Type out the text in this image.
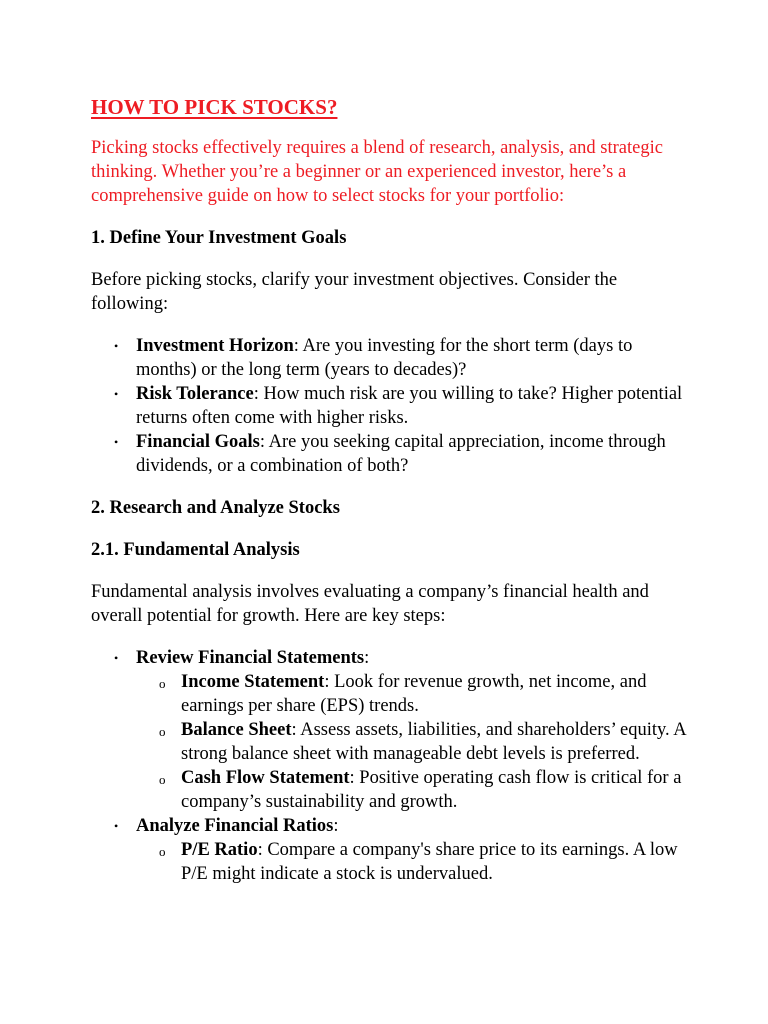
HOW TO PICK STOCKS?

Picking stocks effectively requires a blend of research, analysis, and strategic thinking. Whether you’re a beginner or an experienced investor, here’s a comprehensive guide on how to select stocks for your portfolio:

1. Define Your Investment Goals

Before picking stocks, clarify your investment objectives. Consider the following:

• Investment Horizon: Are you investing for the short term (days to months) or the long term (years to decades)?
• Risk Tolerance: How much risk are you willing to take? Higher potential returns often come with higher risks.
• Financial Goals: Are you seeking capital appreciation, income through dividends, or a combination of both?
2. Research and Analyze Stocks
2.1. Fundamental Analysis

Fundamental analysis involves evaluating a company’s financial health and overall potential for growth. Here are key steps:

• Review Financial Statements:
o Income Statement: Look for revenue growth, net income, and earnings per share (EPS) trends.
o Balance Sheet: Assess assets, liabilities, and shareholders’ equity. A strong balance sheet with manageable debt levels is preferred.
o Cash Flow Statement: Positive operating cash flow is critical for a company’s sustainability and growth.
• Analyze Financial Ratios:
o P/E Ratio: Compare a company's share price to its earnings. A low P/E might indicate a stock is undervalued.
